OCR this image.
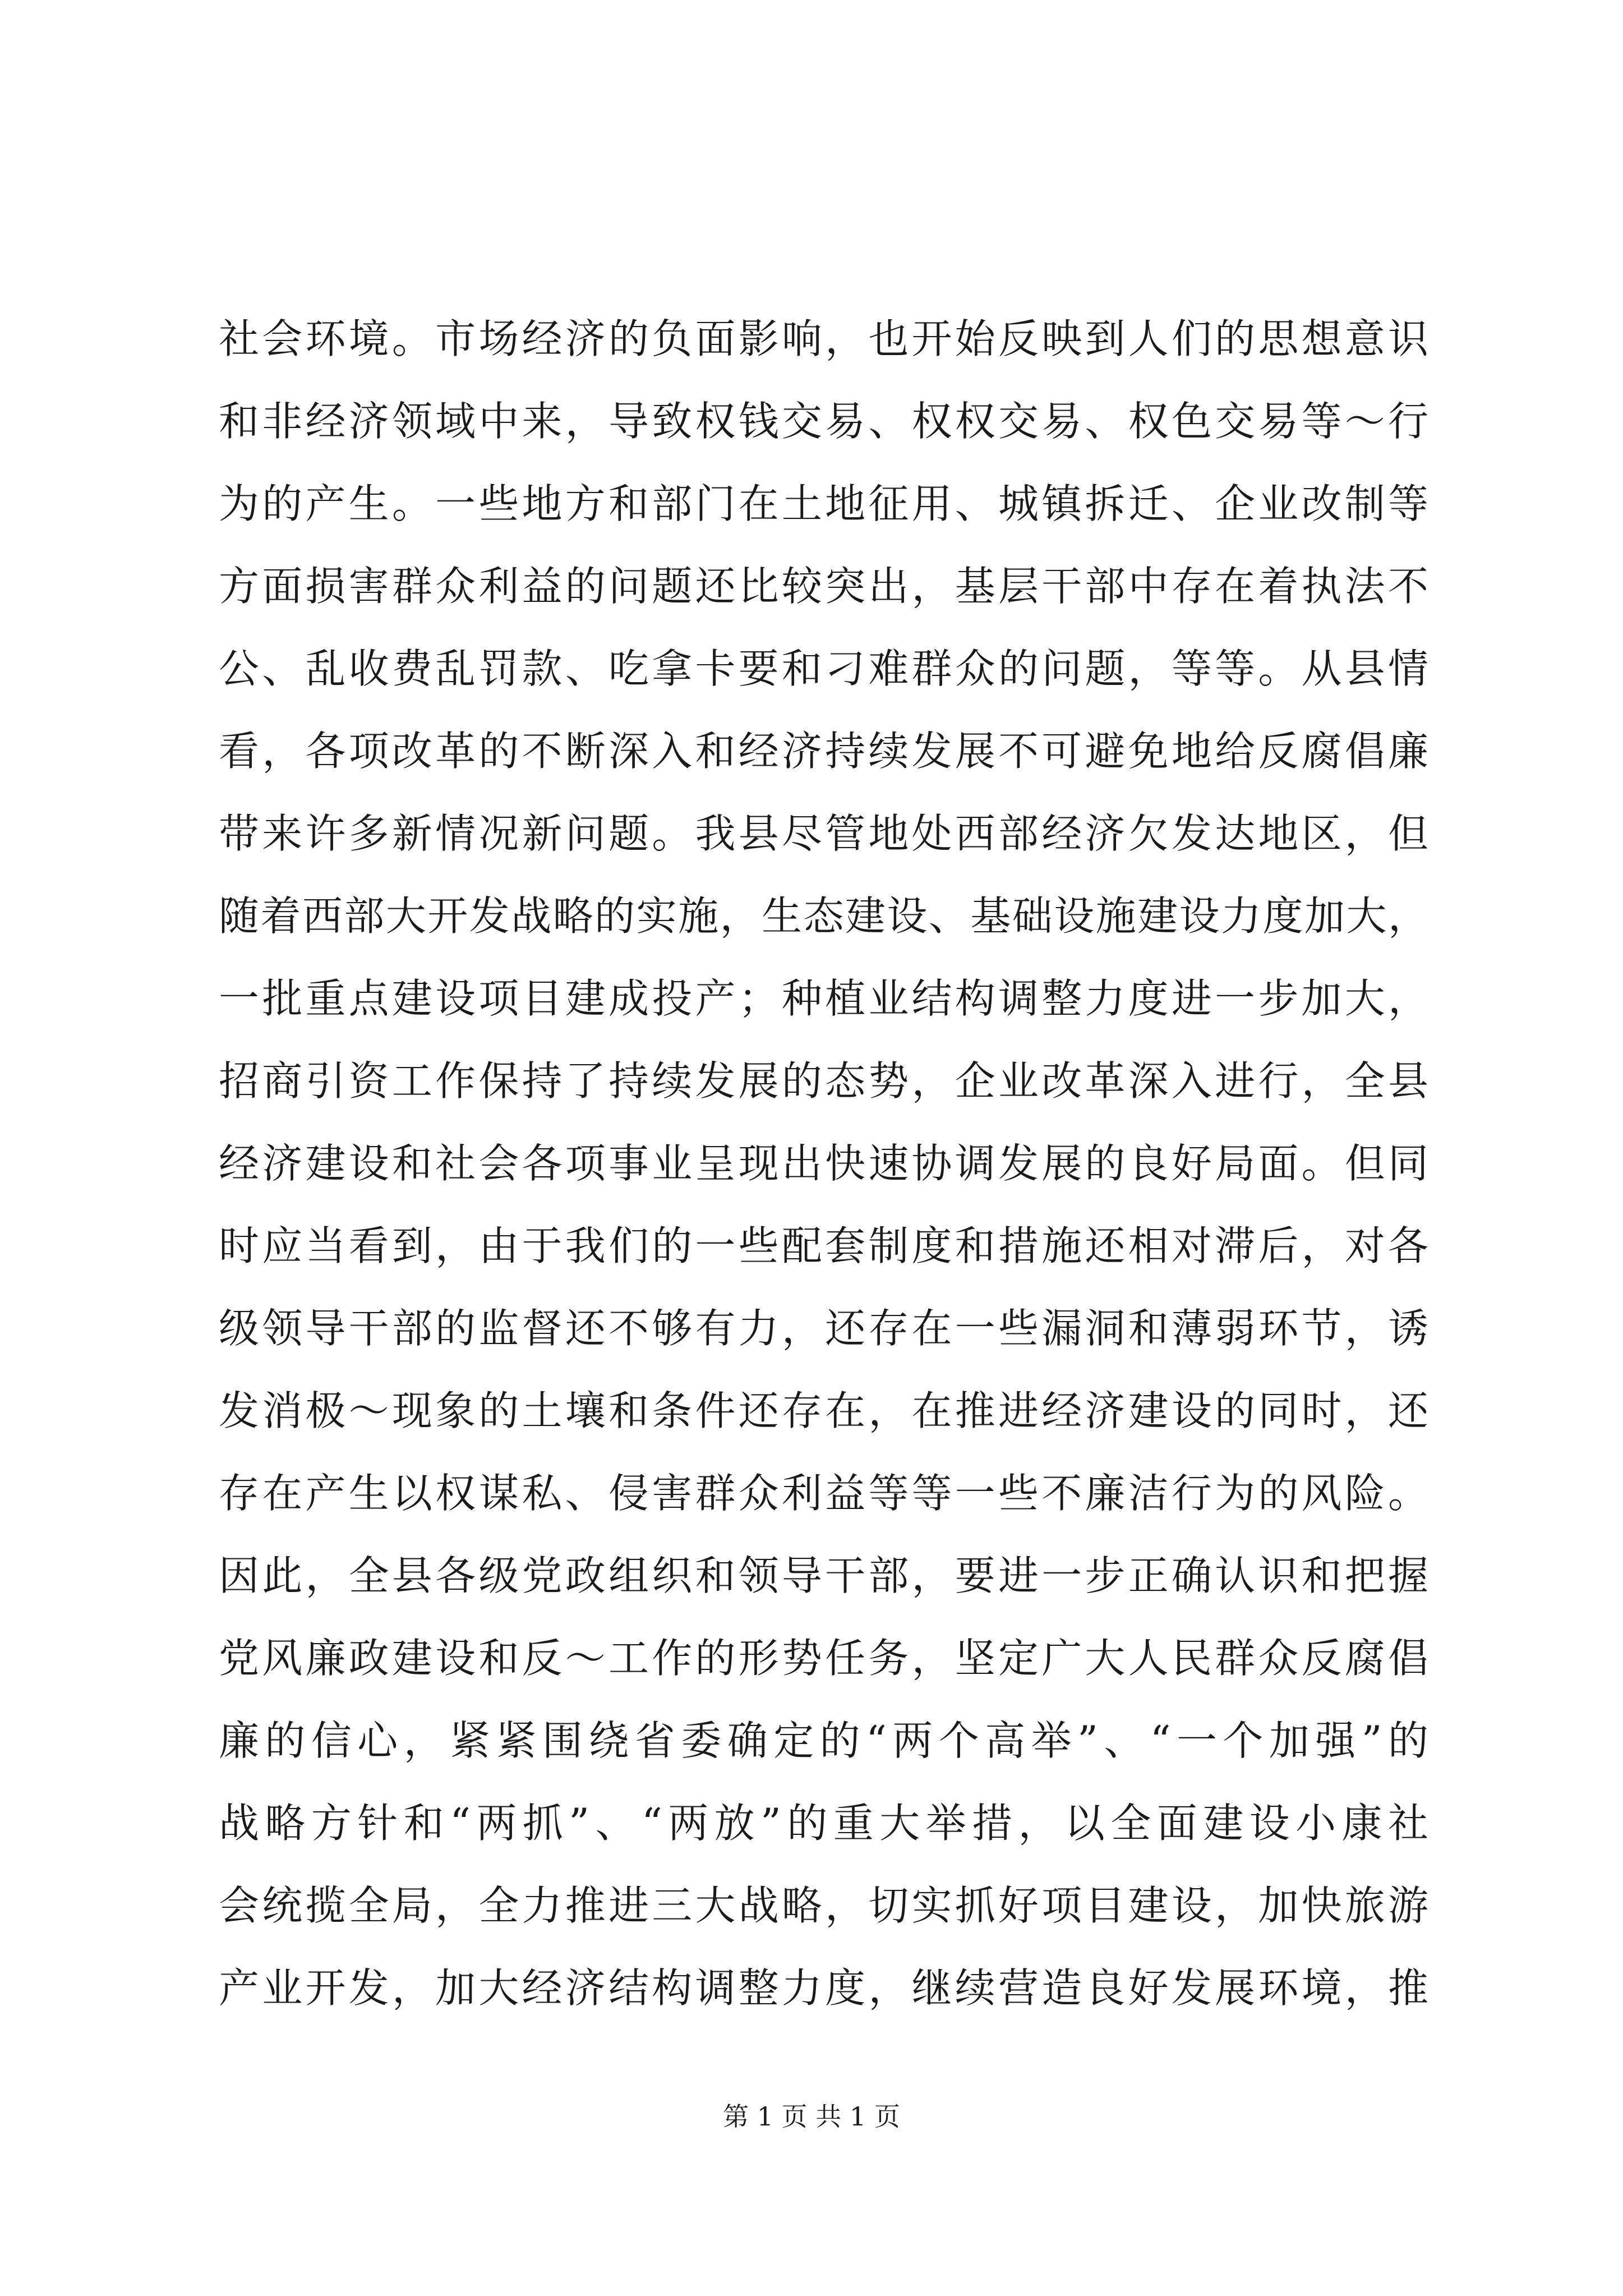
社会环境。市场经济的负面影响，也开始反映到人们的思想意识
和非经济领域中来，导致权钱交易、权权交易、权色交易等～行
为的产生。一些地方和部门在土地征用、城镇拆迁、企业改制等
方面损害群众利益的问题还比较突出，基层干部中存在着执法不
公、乱收费乱罚款、吃拿卡要和刁难群众的问题，等等。从县情
看，各项改革的不断深入和经济持续发展不可避免地给反腐倡廉
带来许多新情况新问题。我县尽管地处西部经济欠发达地区，但
随着西部大开发战略的实施，生态建设、基础设施建设力度加大，
一批重点建设项目建成投产；种植业结构调整力度进一步加大，
招商引资工作保持了持续发展的态势，企业改革深入进行，全县
经济建设和社会各项事业呈现出快速协调发展的良好局面。但同
时应当看到，由于我们的一些配套制度和措施还相对滞后，对各
级领导干部的监督还不够有力，还存在一些漏洞和薄弱环节，诱
发消极～现象的土壤和条件还存在，在推进经济建设的同时，还
存在产生以权谋私、侵害群众利益等等一些不廉洁行为的风险。
因此，全县各级党政组织和领导干部，要进一步正确认识和把握
党风廉政建设和反～工作的形势任务，坚定广大人民群众反腐倡
廉的信心，紧紧围绕省委确定的“两个高举”、“一个加强”的
战略方针和“两抓”、“两放”的重大举措，以全面建设小康社
会统揽全局，全力推进三大战略，切实抓好项目建设，加快旅游
产业开发，加大经济结构调整力度，继续营造良好发展环境，推
第 1 页 共 1 页
